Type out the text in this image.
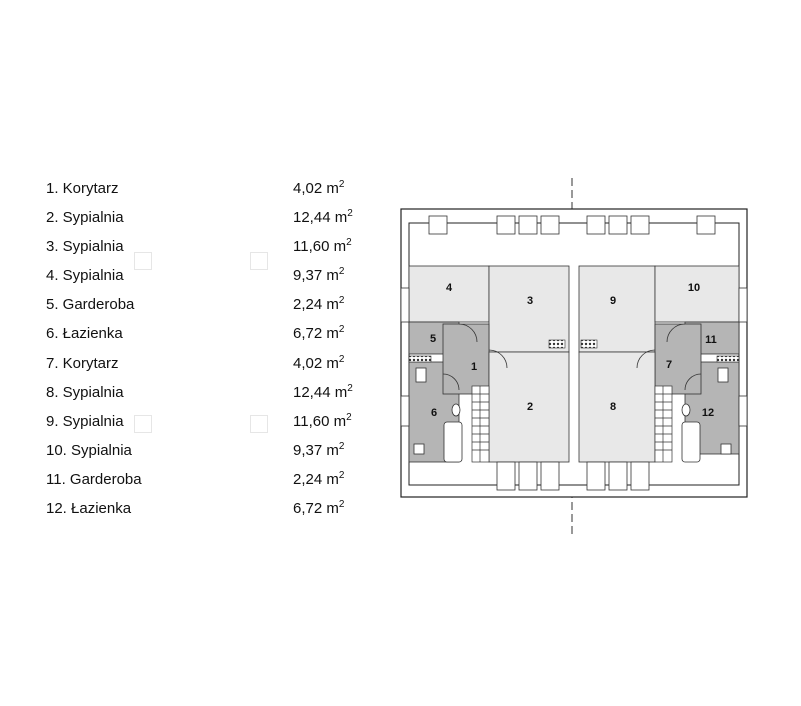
1. Korytarz	4,02 $m^2$
2. Sypialnia	12,44 $m^2$
3. Sypialnia	11,60 $m^2$
4. Sypialnia	9,37 $m^2$
5. Garderoba	2,24 $m^2$
6. Łazienka	6,72 $m^2$
7. Korytarz	4,02 $m^2$
8. Sypialnia	12,44 $m^2$
9. Sypialnia	11,60 $m^2$
10. Sypialnia	9,37 $m^2$
11. Garderoba	2,24 $m^2$
12. Łazienka	6,72 $m^2$
1
2
3
4
5
6
7
8
9
10
11
12
